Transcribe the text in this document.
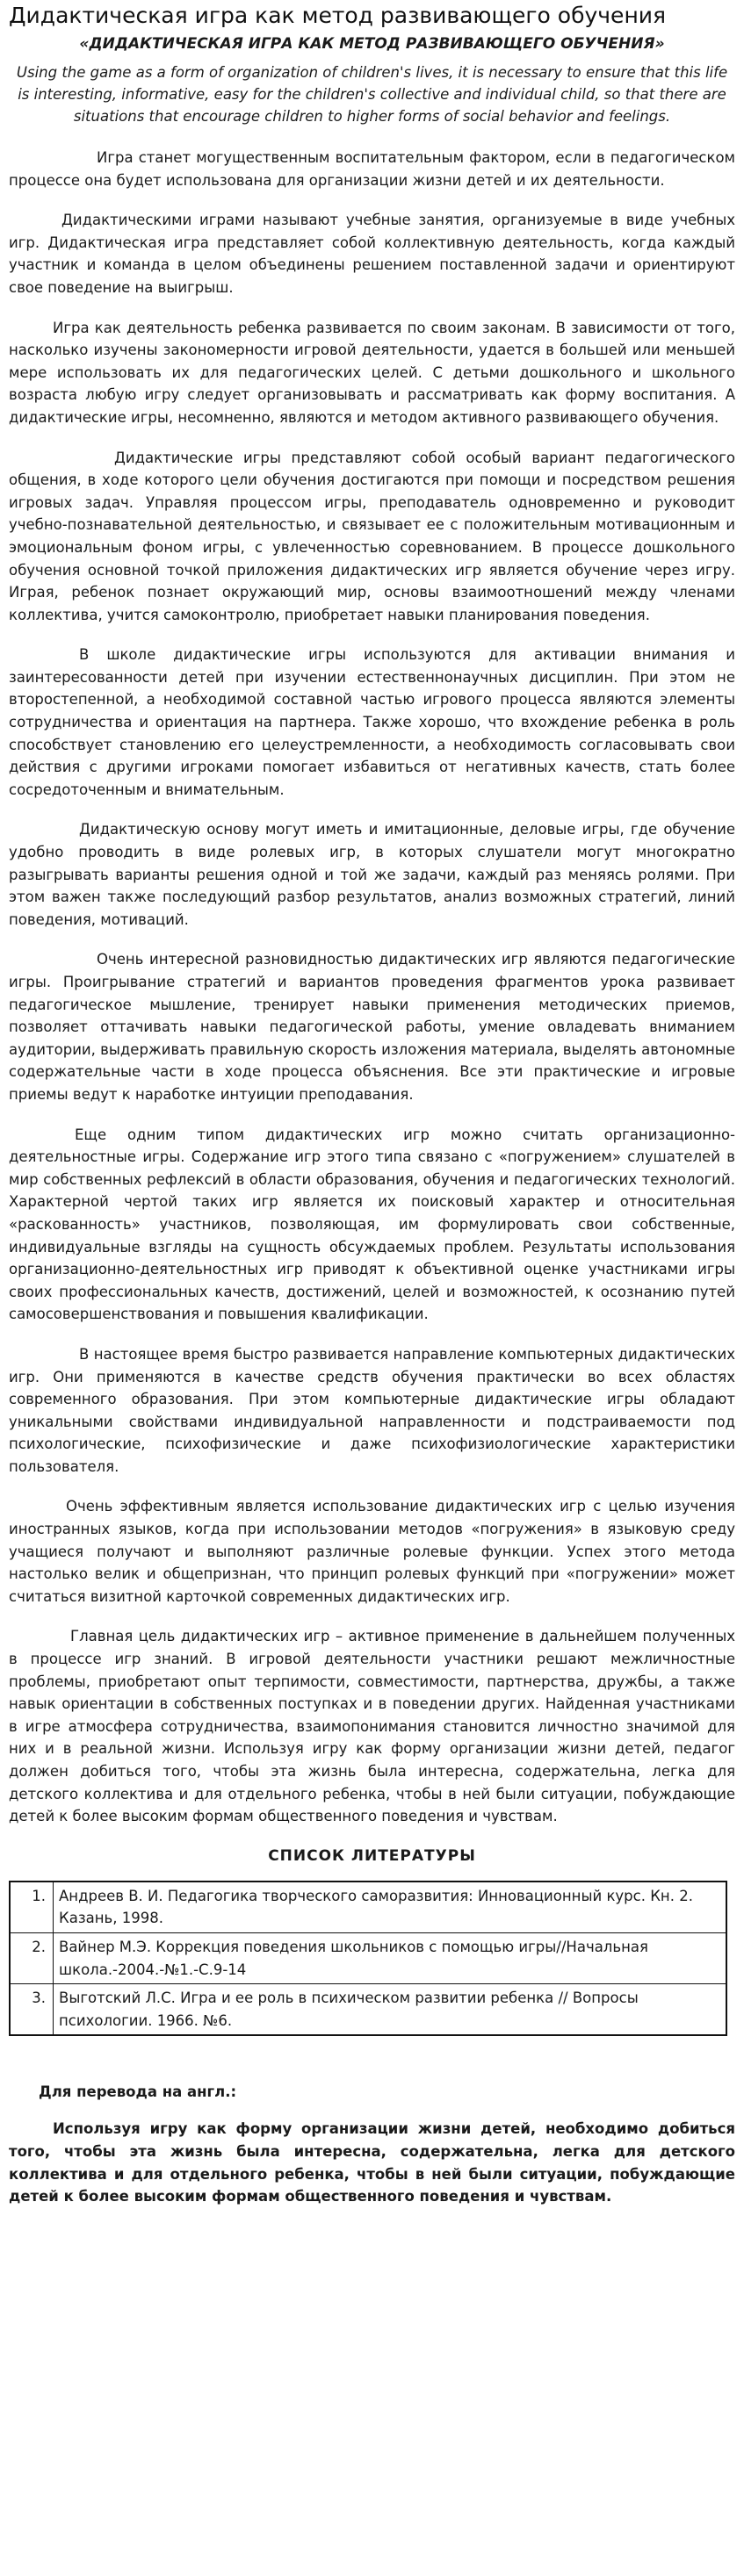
Дидактическая игра как метод развивающего обучения
«ДИДАКТИЧЕСКАЯ ИГРА КАК МЕТОД РАЗВИВАЮЩЕГО ОБУЧЕНИЯ»
Using the game as a form of organization of children's lives, it is necessary to ensure that this life is interesting, informative, easy for the children's collective and individual child, so that there are situations that encourage children to higher forms of social behavior and feelings.

Игра станет могущественным воспитательным фактором, если в педагогическом процессе она будет использована для организации жизни детей и их деятельности.

Дидактическими играми называют учебные занятия, организуемые в виде учебных игр. Дидактическая игра представляет собой коллективную деятельность, когда каждый участник и команда в целом объединены решением поставленной задачи и ориентируют свое поведение на выигрыш.

Игра как деятельность ребенка развивается по своим законам. В зависимости от того, насколько изучены закономерности игровой деятельности, удается в большей или меньшей мере использовать их для педагогических целей. С детьми дошкольного и школьного возраста любую игру следует организовывать и рассматривать как форму воспитания. А дидактические игры, несомненно, являются и методом активного развивающего обучения.

Дидактические игры представляют собой особый вариант педагогического общения, в ходе которого цели обучения достигаются при помощи и посредством решения игровых задач. Управляя процессом игры, преподаватель одновременно и руководит учебно-познавательной деятельностью, и связывает ее с положительным мотивационным и эмоциональным фоном игры, с увлеченностью соревнованием. В процессе дошкольного обучения основной точкой приложения дидактических игр является обучение через игру. Играя, ребенок познает окружающий мир, основы взаимоотношений между членами коллектива, учится самоконтролю, приобретает навыки планирования поведения.

В школе дидактические игры используются для активации внимания и заинтересованности детей при изучении естественнонаучных дисциплин. При этом не второстепенной, а необходимой составной частью игрового процесса являются элементы сотрудничества и ориентация на партнера. Также хорошо, что вхождение ребенка в роль способствует становлению его целеустремленности, а необходимость согласовывать свои действия с другими игроками помогает избавиться от негативных качеств, стать более сосредоточенным и внимательным.

Дидактическую основу могут иметь и имитационные, деловые игры, где обучение удобно проводить в виде ролевых игр, в которых слушатели могут многократно разыгрывать варианты решения одной и той же задачи, каждый раз меняясь ролями. При этом важен также последующий разбор результатов, анализ возможных стратегий, линий поведения, мотиваций.

Очень интересной разновидностью дидактических игр являются педагогические игры. Проигрывание стратегий и вариантов проведения фрагментов урока развивает педагогическое мышление, тренирует навыки применения методических приемов, позволяет оттачивать навыки педагогической работы, умение овладевать вниманием аудитории, выдерживать правильную скорость изложения материала, выделять автономные содержательные части в ходе процесса объяснения. Все эти практические и игровые приемы ведут к наработке интуиции преподавания.

Еще одним типом дидактических игр можно считать организационно-деятельностные игры. Содержание игр этого типа связано с «погружением» слушателей в мир собственных рефлексий в области образования, обучения и педагогических технологий. Характерной чертой таких игр является их поисковый характер и относительная «раскованность» участников, позволяющая, им формулировать свои собственные, индивидуальные взгляды на сущность обсуждаемых проблем. Результаты использования организационно-деятельностных игр приводят к объективной оценке участниками игры своих профессиональных качеств, достижений, целей и возможностей, к осознанию путей самосовершенствования и повышения квалификации.

В настоящее время быстро развивается направление компьютерных дидактических игр. Они применяются в качестве средств обучения практически во всех областях современного образования. При этом компьютерные дидактические игры обладают уникальными свойствами индивидуальной направленности и подстраиваемости под психологические, психофизические и даже психофизиологические характеристики пользователя.

Очень эффективным является использование дидактических игр с целью изучения иностранных языков, когда при использовании методов «погружения» в языковую среду учащиеся получают и выполняют различные ролевые функции. Успех этого метода настолько велик и общепризнан, что принцип ролевых функций при «погружении» может считаться визитной карточкой современных дидактических игр.

Главная цель дидактических игр – активное применение в дальнейшем полученных в процессе игр знаний. В игровой деятельности участники решают межличностные проблемы, приобретают опыт терпимости, совместимости, партнерства, дружбы, а также навык ориентации в собственных поступках и в поведении других. Найденная участниками в игре атмосфера сотрудничества, взаимопонимания становится личностно значимой для них и в реальной жизни. Используя игру как форму организации жизни детей, педагог должен добиться того, чтобы эта жизнь была интересна, содержательна, легка для детского коллектива и для отдельного ребенка, чтобы в ней были ситуации, побуждающие детей к более высоким формам общественного поведения и чувствам.

СПИСОК ЛИТЕРАТУРЫ
1.	Андреев В. И. Педагогика творческого саморазвития: Инновационный курс. Кн. 2. Казань, 1998.
2.	Вайнер М.Э. Коррекция поведения школьников с помощью игры//Начальная школа.-2004.-№1.-С.9-14
3.	Выготский Л.С. Игра и ее роль в психическом развитии ребенка // Вопросы психологии. 1966. №6.
Для перевода на англ.:

Используя игру как форму организации жизни детей, необходимо добиться того, чтобы эта жизнь была интересна, содержательна, легка для детского коллектива и для отдельного ребенка, чтобы в ней были ситуации, побуждающие детей к более высоким формам общественного поведения и чувствам.
